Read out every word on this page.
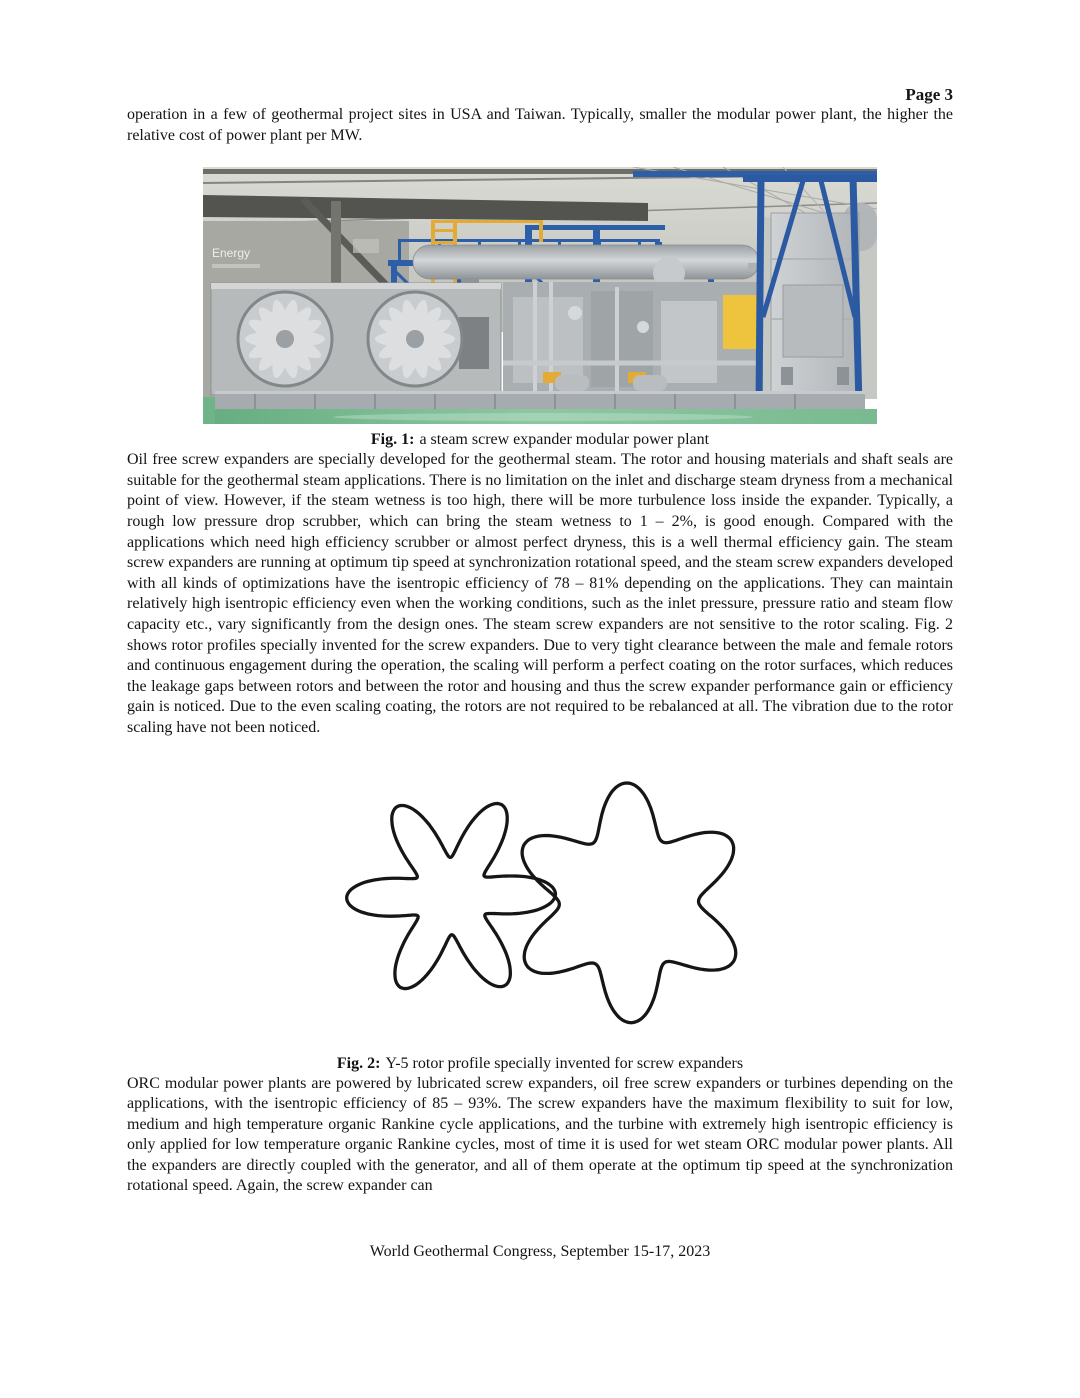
Page 3

operation in a few of geothermal project sites in USA and Taiwan. Typically, smaller the modular power plant, the higher the relative cost of power plant per MW.

Energy
Fig. 1: a steam screw expander modular power plant

Oil free screw expanders are specially developed for the geothermal steam. The rotor and housing materials and shaft seals are suitable for the geothermal steam applications. There is no limitation on the inlet and discharge steam dryness from a mechanical point of view. However, if the steam wetness is too high, there will be more turbulence loss inside the expander. Typically, a rough low pressure drop scrubber, which can bring the steam wetness to 1 – 2%, is good enough. Compared with the applications which need high efficiency scrubber or almost perfect dryness, this is a well thermal efficiency gain. The steam screw expanders are running at optimum tip speed at synchronization rotational speed, and the steam screw expanders developed with all kinds of optimizations have the isentropic efficiency of 78 – 81% depending on the applications. They can maintain relatively high isentropic efficiency even when the working conditions, such as the inlet pressure, pressure ratio and steam flow capacity etc., vary significantly from the design ones. The steam screw expanders are not sensitive to the rotor scaling. Fig. 2 shows rotor profiles specially invented for the screw expanders. Due to very tight clearance between the male and female rotors and continuous engagement during the operation, the scaling will perform a perfect coating on the rotor surfaces, which reduces the leakage gaps between rotors and between the rotor and housing and thus the screw expander performance gain or efficiency gain is noticed. Due to the even scaling coating, the rotors are not required to be rebalanced at all. The vibration due to the rotor scaling have not been noticed.

Fig. 2: Y-5 rotor profile specially invented for screw expanders

ORC modular power plants are powered by lubricated screw expanders, oil free screw expanders or turbines depending on the applications, with the isentropic efficiency of 85 – 93%. The screw expanders have the maximum flexibility to suit for low, medium and high temperature organic Rankine cycle applications, and the turbine with extremely high isentropic efficiency is only applied for low temperature organic Rankine cycles, most of time it is used for wet steam ORC modular power plants. All the expanders are directly coupled with the generator, and all of them operate at the optimum tip speed at the synchronization rotational speed. Again, the screw expander can

World Geothermal Congress, September 15-17, 2023
